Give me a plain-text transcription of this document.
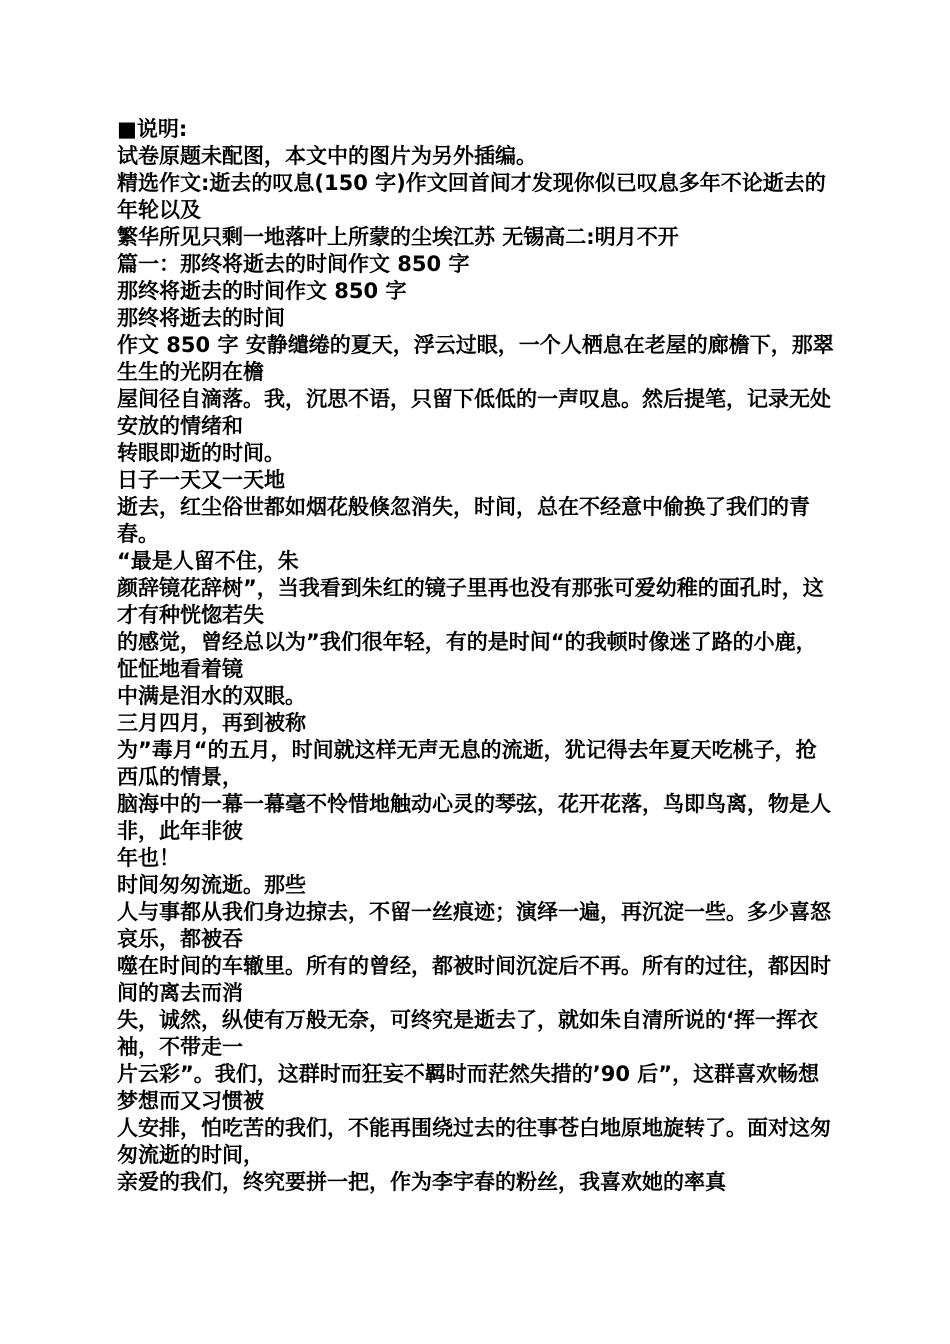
■说明:

试卷原题未配图，本文中的图片为另外插编。

精选作文:逝去的叹息(150 字)作文回首间才发现你似已叹息多年不论逝去的年轮以及

繁华所见只剩一地落叶上所蒙的尘埃江苏 无锡高二:明月不开

篇一：那终将逝去的时间作文 850 字

那终将逝去的时间作文 850 字

那终将逝去的时间

作文 850 字 安静缱绻的夏天，浮云过眼，一个人栖息在老屋的廊檐下，那翠生生的光阴在檐

屋间径自滴落。我，沉思不语，只留下低低的一声叹息。然后提笔，记录无处安放的情绪和

转眼即逝的时间。

日子一天又一天地

逝去，红尘俗世都如烟花般倏忽消失，时间，总在不经意中偷换了我们的青春。

“最是人留不住，朱

颜辞镜花辞树”，当我看到朱红的镜子里再也没有那张可爱幼稚的面孔时，这才有种恍惚若失

的感觉，曾经总以为”我们很年轻，有的是时间“的我顿时像迷了路的小鹿，怔怔地看着镜

中满是泪水的双眼。

三月四月，再到被称

为”毒月“的五月，时间就这样无声无息的流逝，犹记得去年夏天吃桃子，抢西瓜的情景，

脑海中的一幕一幕毫不怜惜地触动心灵的琴弦，花开花落，鸟即鸟离，物是人非，此年非彼

年也！

时间匆匆流逝。那些

人与事都从我们身边掠去，不留一丝痕迹；演绎一遍，再沉淀一些。多少喜怒哀乐，都被吞

噬在时间的车辙里。所有的曾经，都被时间沉淀后不再。所有的过往，都因时间的离去而消

失，诚然，纵使有万般无奈，可终究是逝去了，就如朱自清所说的‘挥一挥衣袖，不带走一

片云彩”。我们，这群时而狂妄不羁时而茫然失措的’90 后”，这群喜欢畅想梦想而又习惯被

人安排，怕吃苦的我们，不能再围绕过去的往事苍白地原地旋转了。面对这匆匆流逝的时间，

亲爱的我们，终究要拼一把，作为李宇春的粉丝，我喜欢她的率真
